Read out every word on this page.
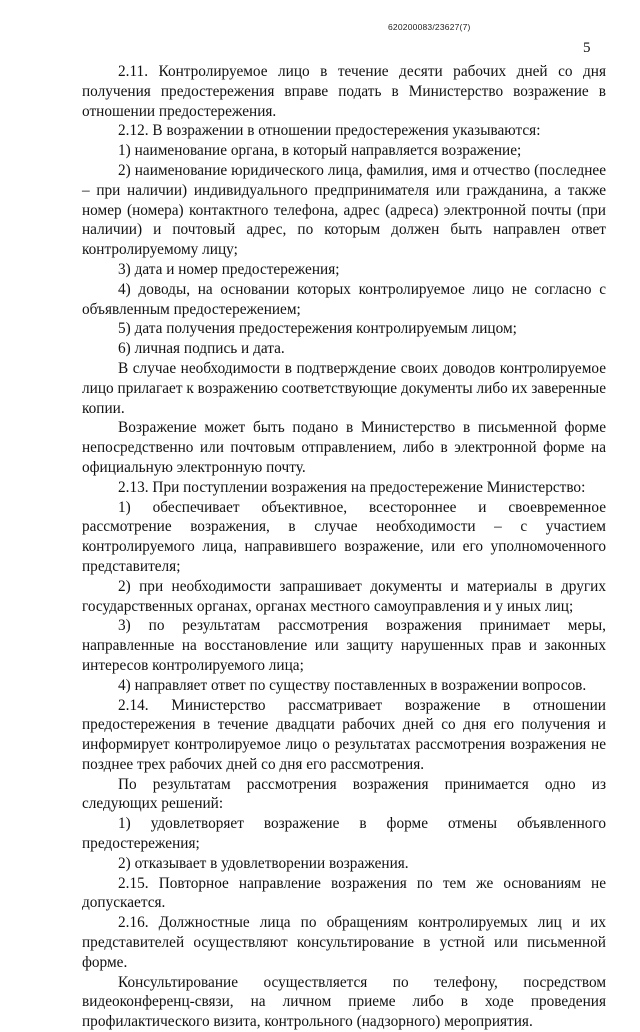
620200083/23627(7)
5

2.11. Контролируемое лицо в течение десяти рабочих дней со дня получения предостережения вправе подать в Министерство возражение в отношении предостережения.

2.12. В возражении в отношении предостережения указываются:

1) наименование органа, в который направляется возражение;

2) наименование юридического лица, фамилия, имя и отчество (последнее – при наличии) индивидуального предпринимателя или гражданина, а также номер (номера) контактного телефона, адрес (адреса) электронной почты (при наличии) и почтовый адрес, по которым должен быть направлен ответ контролируемому лицу;

3) дата и номер предостережения;

4) доводы, на основании которых контролируемое лицо не согласно с объявленным предостережением;

5) дата получения предостережения контролируемым лицом;

6) личная подпись и дата.

В случае необходимости в подтверждение своих доводов контролируемое лицо прилагает к возражению соответствующие документы либо их заверенные копии.

Возражение может быть подано в Министерство в письменной форме непосредственно или почтовым отправлением, либо в электронной форме на официальную электронную почту.

2.13. При поступлении возражения на предостережение Министерство:

1) обеспечивает объективное, всестороннее и своевременное рассмотрение возражения, в случае необходимости – с участием контролируемого лица, направившего возражение, или его уполномоченного представителя;

2) при необходимости запрашивает документы и материалы в других государственных органах, органах местного самоуправления и у иных лиц;

3) по результатам рассмотрения возражения принимает меры, направленные на восстановление или защиту нарушенных прав и законных интересов контролируемого лица;

4) направляет ответ по существу поставленных в возражении вопросов.

2.14. Министерство рассматривает возражение в отношении предостережения в течение двадцати рабочих дней со дня его получения и информирует контролируемое лицо о результатах рассмотрения возражения не позднее трех рабочих дней со дня его рассмотрения.

По результатам рассмотрения возражения принимается одно из следующих решений:

1) удовлетворяет возражение в форме отмены объявленного предостережения;

2) отказывает в удовлетворении возражения.

2.15. Повторное направление возражения по тем же основаниям не допускается.

2.16. Должностные лица по обращениям контролируемых лиц и их представителей осуществляют консультирование в устной или письменной форме.

Консультирование осуществляется по телефону, посредством видеоконференц-связи, на личном приеме либо в ходе проведения профилактического визита, контрольного (надзорного) мероприятия.
